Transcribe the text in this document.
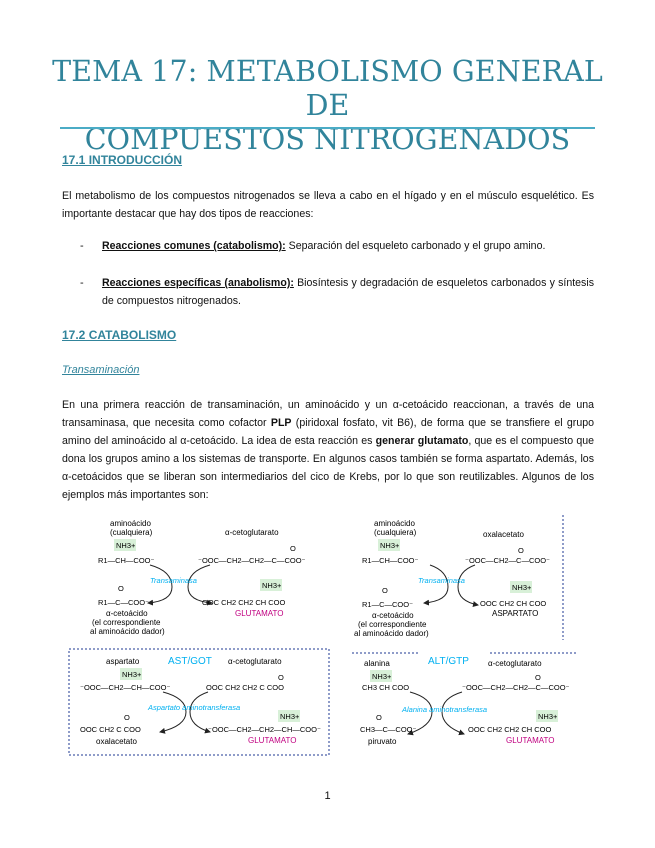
TEMA 17: METABOLISMO GENERAL DE
COMPUESTOS NITROGENADOS
17.1 INTRODUCCIÓN
El metabolismo de los compuestos nitrogenados se lleva a cabo en el hígado y en el músculo esquelético. Es importante destacar que hay dos tipos de reacciones:
- Reacciones comunes (catabolismo): Separación del esqueleto carbonado y el grupo amino.
- Reacciones específicas (anabolismo): Biosíntesis y degradación de esqueletos carbonados y síntesis de compuestos nitrogenados.
17.2 CATABOLISMO
Transaminación
En una primera reacción de transaminación, un aminoácido y un α-cetoácido reaccionan, a través de una transaminasa, que necesita como cofactor PLP (piridoxal fosfato, vit B6), de forma que se transfiere el grupo amino del aminoácido al α-cetoácido. La idea de esta reacción es generar glutamato, que es el compuesto que dona los grupos amino a los sistemas de transporte. En algunos casos también se forma aspartato. Además, los α-cetoácidos que se liberan son intermediarios del cico de Krebs, por lo que son reutilizables. Algunos de los ejemplos más importantes son:
aminoácido
(cualquiera)
NH3+
R1—CH—COO⁻
α-cetoglutarato
O
⁻OOC—CH2—CH2—C—COO⁻
Transaminasa
O
R1—C—COO⁻
α-cetoácido
(el correspondiente
al aminoácido dador)
NH3+
OOC CH2 CH2 CH COO
GLUTAMATO
aminoácido
(cualquiera)
NH3+
R1—CH—COO⁻
oxalacetato
O
⁻OOC—CH2—C—COO⁻
Transaminasa
O
R1—C—COO⁻
α-cetoácido
(el correspondiente
al aminoácido dador)
NH3+
OOC CH2 CH COO
ASPARTATO
AST/GOT
aspartato
NH3+
⁻OOC—CH2—CH—COO⁻
α-cetoglutarato
O
OOC CH2 CH2 C COO
Aspartato aminotransferasa
O
OOC CH2 C COO
oxalacetato
NH3+
⁻OOC—CH2—CH2—CH—COO⁻
GLUTAMATO
ALT/GTP
alanina
NH3+
CH3 CH COO
α-cetoglutarato
O
⁻OOC—CH2—CH2—C—COO⁻
Alanina aminotransferasa
O
CH3—C—COO⁻
piruvato
NH3+
OOC CH2 CH2 CH COO
GLUTAMATO
1
